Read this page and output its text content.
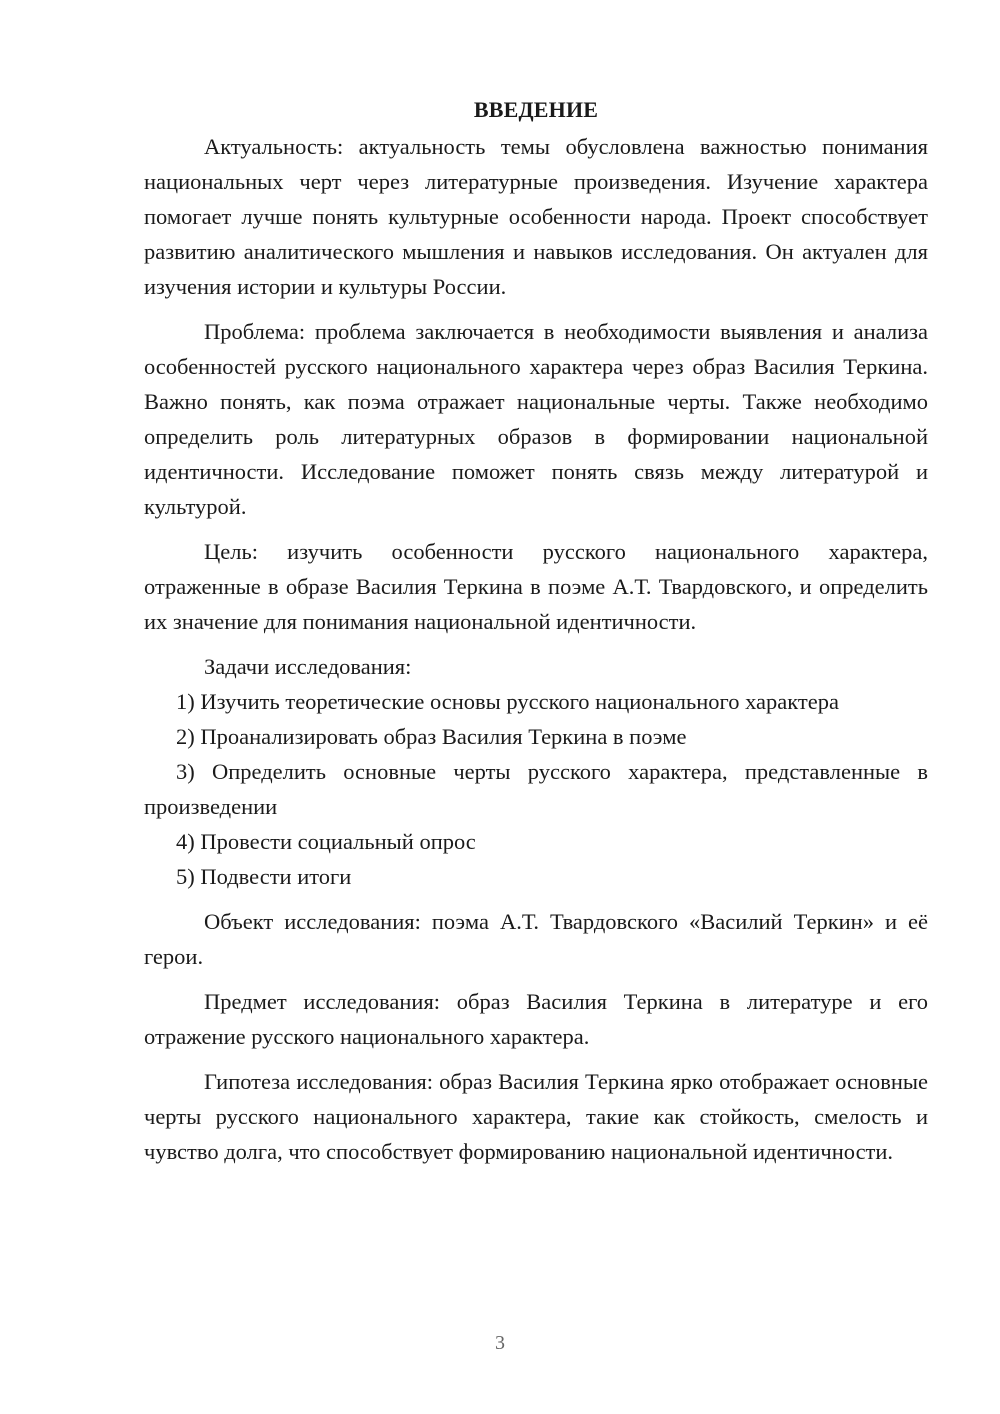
ВВЕДЕНИЕ

Актуальность: актуальность темы обусловлена важностью понимания национальных черт через литературные произведения. Изучение характера помогает лучше понять культурные особенности народа. Проект способствует развитию аналитического мышления и навыков исследования. Он актуален для изучения истории и культуры России.

Проблема: проблема заключается в необходимости выявления и анализа особенностей русского национального характера через образ Василия Теркина. Важно понять, как поэма отражает национальные черты. Также необходимо определить роль литературных образов в формировании национальной идентичности. Исследование поможет понять связь между литературой и культурой.

Цель: изучить особенности русского национального характера, отраженные в образе Василия Теркина в поэме А.Т. Твардовского, и определить их значение для понимания национальной идентичности.

Задачи исследования:

1) Изучить теоретические основы русского национального характера

2) Проанализировать образ Василия Теркина в поэме

3) Определить основные черты русского характера, представленные в произведении

4) Провести социальный опрос

5) Подвести итоги

Объект исследования: поэма А.Т. Твардовского «Василий Теркин» и её герои.

Предмет исследования: образ Василия Теркина в литературе и его отражение русского национального характера.

Гипотеза исследования: образ Василия Теркина ярко отображает основные черты русского национального характера, такие как стойкость, смелость и чувство долга, что способствует формированию национальной идентичности.

3
